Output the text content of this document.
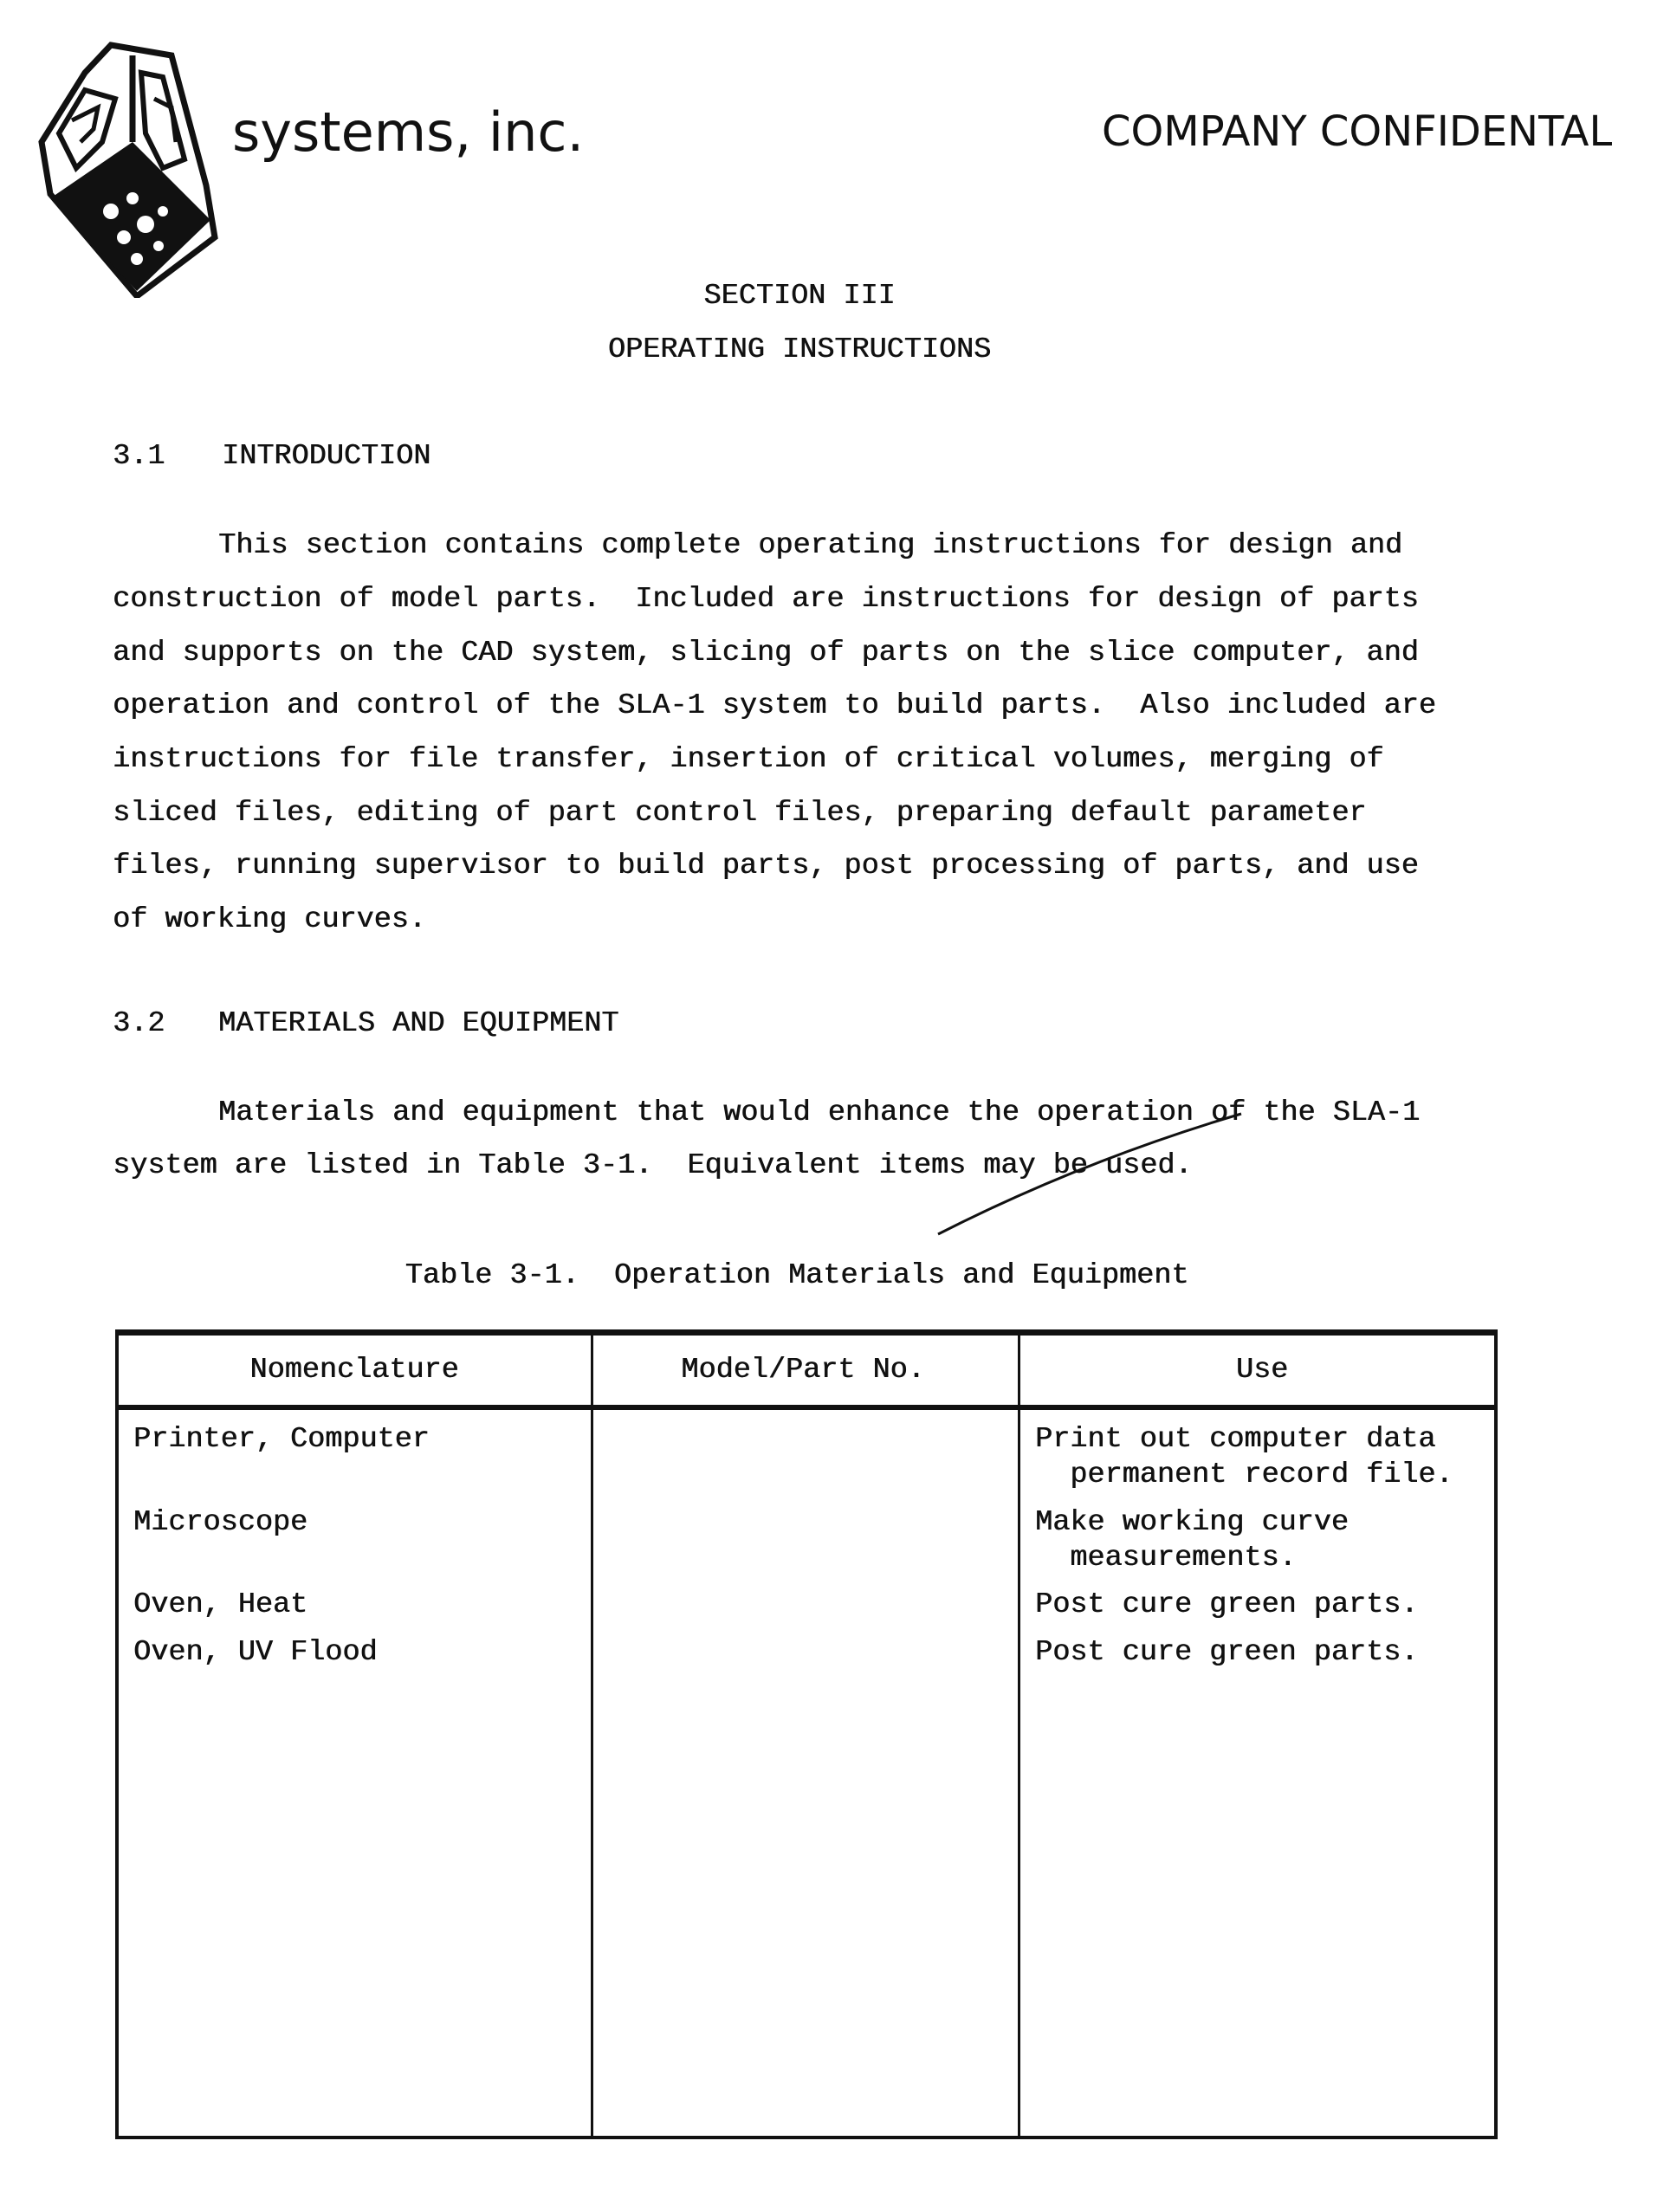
systems, inc.	COMPANY CONFIDENTAL
SECTION III
OPERATING INSTRUCTIONS
3.1 INTRODUCTION
This section contains complete operating instructions for design and
construction of model parts.  Included are instructions for design of parts
and supports on the CAD system, slicing of parts on the slice computer, and
operation and control of the SLA-1 system to build parts.  Also included are
instructions for file transfer, insertion of critical volumes, merging of
sliced files, editing of part control files, preparing default parameter
files, running supervisor to build parts, post processing of parts, and use
of working curves.
3.2 MATERIALS AND EQUIPMENT
Materials and equipment that would enhance the operation of the SLA-1
system are listed in Table 3-1.  Equivalent items may be used.
Table 3-1.  Operation Materials and Equipment
Nomenclature	Model/Part No.	Use
Printer, Computer	Print out computer data
permanent record file.
Microscope	Make working curve
measurements.
Oven, Heat	Post cure green parts.
Oven, UV Flood	Post cure green parts.
